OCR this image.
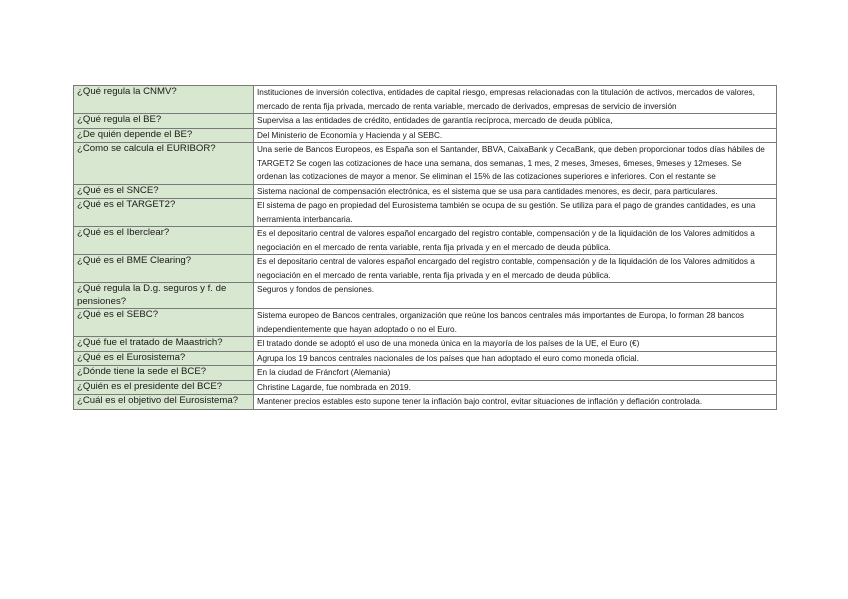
¿Qué regula la CNMV?	Instituciones de inversión colectiva, entidades de capital riesgo, empresas relacionadas con la titulación de activos, mercados de valores, mercado de renta fija privada, mercado de renta variable, mercado de derivados, empresas de servicio de inversión
¿Qué regula el BE?	Supervisa a las entidades de crédito, entidades de garantía recíproca, mercado de deuda pública,
¿De quién depende el BE?	Del Ministerio de Economía y Hacienda y al SEBC.
¿Como se calcula el EURIBOR?	Una serie de Bancos Europeos, es España son el Santander, BBVA, CaixaBank y CecaBank, que deben proporcionar todos días hábiles de TARGET2 Se cogen las cotizaciones de hace una semana, dos semanas, 1 mes, 2 meses, 3meses, 6meses, 9meses y 12meses. Se ordenan las cotizaciones de mayor a menor. Se eliminan el 15% de las cotizaciones superiores e inferiores. Con el restante se
¿Qué es el SNCE?	Sistema nacional de compensación electrónica, es el sistema que se usa para cantidades menores, es decir, para particulares.
¿Qué es el TARGET2?	El sistema de pago en propiedad del Eurosistema también se ocupa de su gestión. Se utiliza para el pago de grandes cantidades, es una herramienta interbancaria.
¿Qué es el Iberclear?	Es el depositario central de valores español encargado del registro contable, compensación y de la liquidación de los Valores admitidos a negociación en el mercado de renta variable, renta fija privada y en el mercado de deuda pública.
¿Qué es el BME Clearing?	Es el depositario central de valores español encargado del registro contable, compensación y de la liquidación de los Valores admitidos a negociación en el mercado de renta variable, renta fija privada y en el mercado de deuda pública.
¿Qué regula la D.g. seguros y f. de pensiones?	Seguros y fondos de pensiones.
¿Qué es el SEBC?	Sistema europeo de Bancos centrales, organización que reúne los bancos centrales más importantes de Europa, lo forman 28 bancos independientemente que hayan adoptado o no el Euro.
¿Qué fue el tratado de Maastrich?	El tratado donde se adoptó el uso de una moneda única en la mayoría de los países de la UE, el Euro (€)
¿Qué es el Eurosistema?	Agrupa los 19 bancos centrales nacionales de los países que han adoptado el euro como moneda oficial.
¿Dónde tiene la sede el BCE?	En la ciudad de Fráncfort (Alemania)
¿Quién es el presidente del BCE?	Christine Lagarde, fue nombrada en 2019.
¿Cuál es el objetivo del Eurosistema?	Mantener precios estables esto supone tener la inflación bajo control, evitar situaciones de inflación y deflación controlada.
